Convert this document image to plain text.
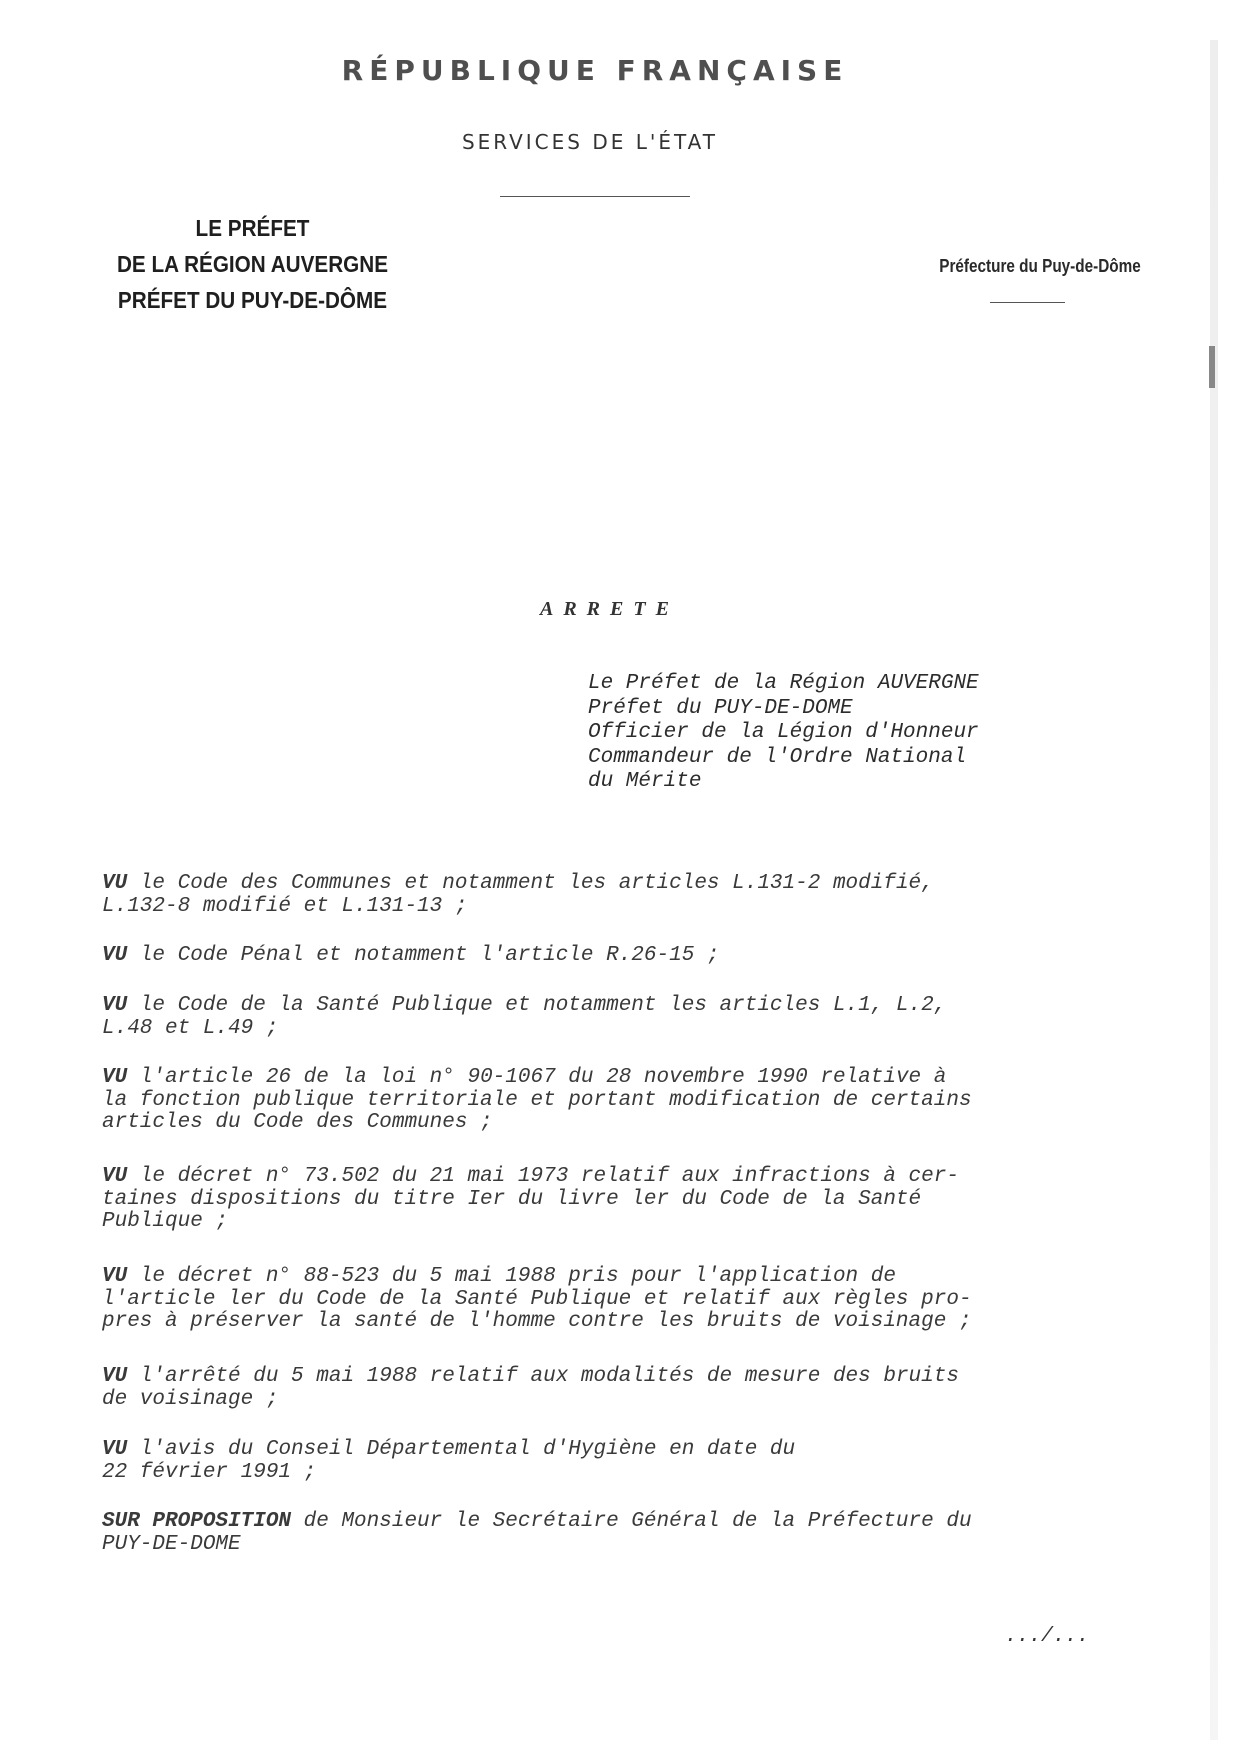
RÉPUBLIQUE FRANÇAISE
SERVICES DE L'ÉTAT
LE PRÉFET
DE LA RÉGION AUVERGNE
PRÉFET DU PUY-DE-DÔME
Préfecture du Puy-de-Dôme
ARRETE
Le Préfet de la Région AUVERGNE
Préfet du PUY-DE-DOME
Officier de la Légion d'Honneur
Commandeur de l'Ordre National
du Mérite
VU le Code des Communes et notamment les articles L.131-2 modifié,
L.132-8 modifié et L.131-13 ;
VU le Code Pénal et notamment l'article R.26-15 ;
VU le Code de la Santé Publique et notamment les articles L.1, L.2,
L.48 et L.49 ;
VU l'article 26 de la loi n° 90-1067 du 28 novembre 1990 relative à
la fonction publique territoriale et portant modification de certains
articles du Code des Communes ;
VU le décret n° 73.502 du 21 mai 1973 relatif aux infractions à cer-
taines dispositions du titre Ier du livre ler du Code de la Santé
Publique ;
VU le décret n° 88-523 du 5 mai 1988 pris pour l'application de
l'article ler du Code de la Santé Publique et relatif aux règles pro-
pres à préserver la santé de l'homme contre les bruits de voisinage ;
VU l'arrêté du 5 mai 1988 relatif aux modalités de mesure des bruits
de voisinage ;
VU l'avis du Conseil Départemental d'Hygiène en date du
22 février 1991 ;
SUR PROPOSITION de Monsieur le Secrétaire Général de la Préfecture du
PUY-DE-DOME
.../...
